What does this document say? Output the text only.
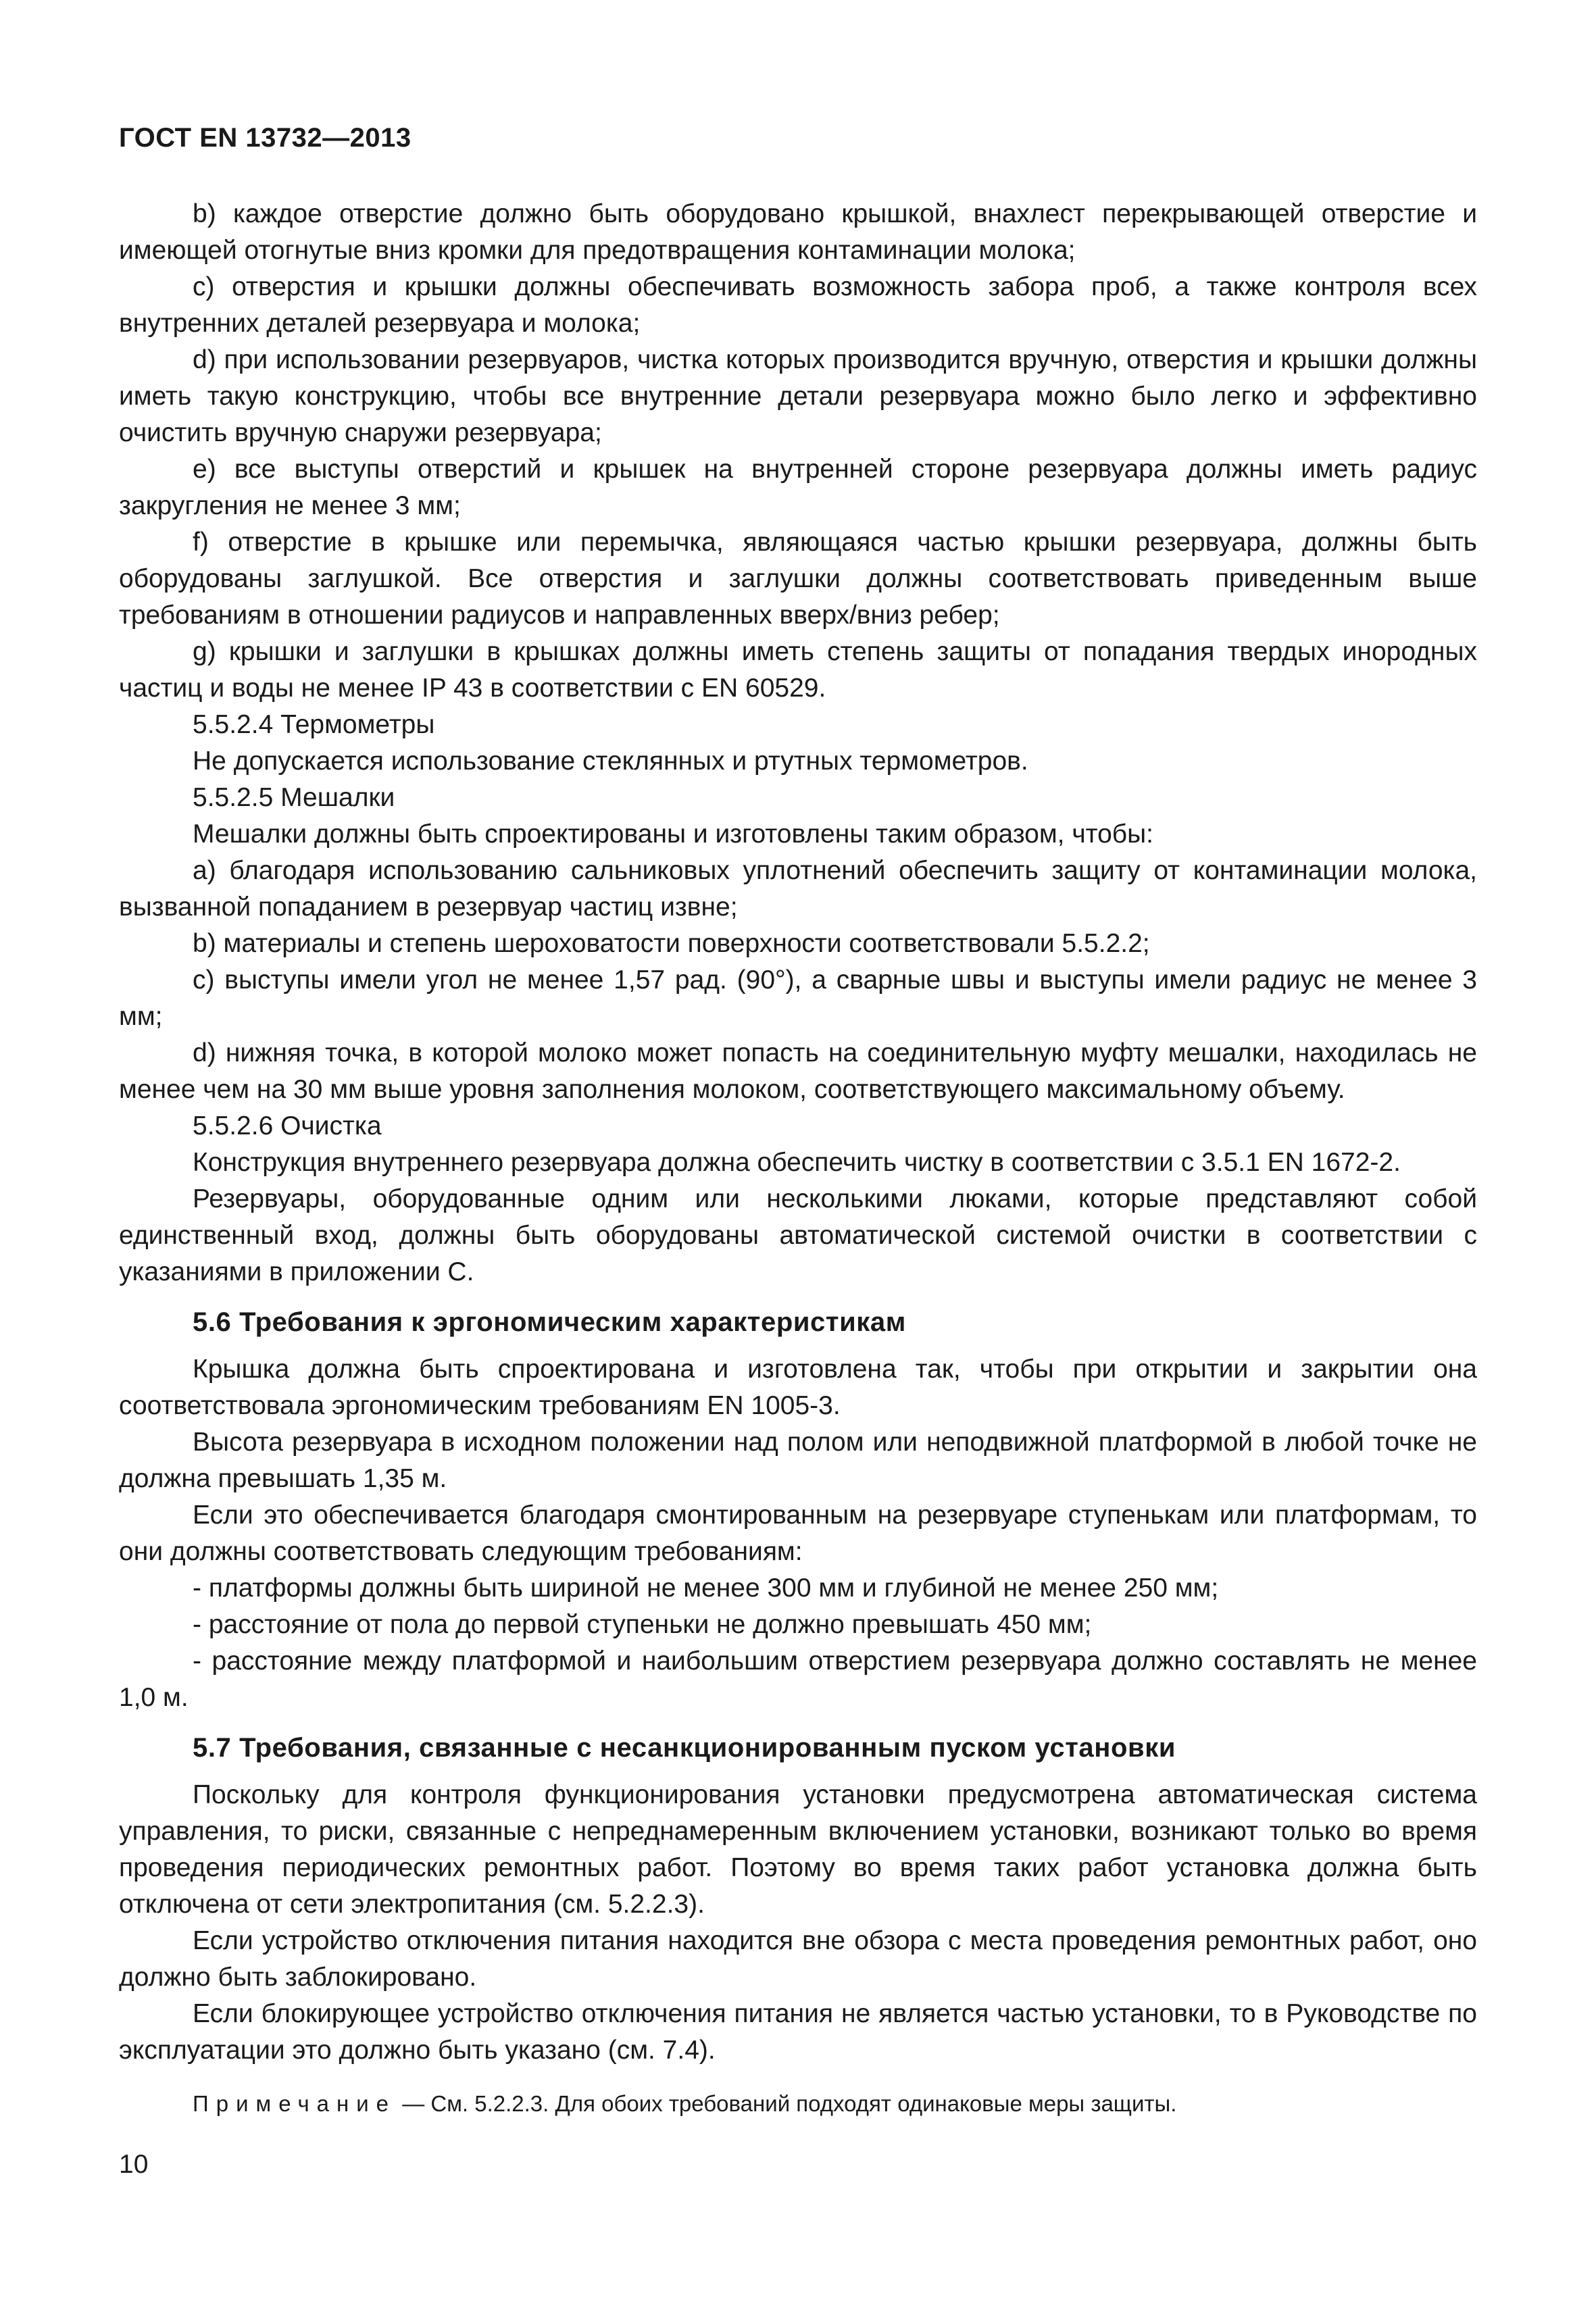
ГОСТ EN 13732—2013

b) каждое отверстие должно быть оборудовано крышкой, внахлест перекрывающей отверстие и имеющей отогнутые вниз кромки для предотвращения контаминации молока;

c) отверстия и крышки должны обеспечивать возможность забора проб, а также контроля всех внутренних деталей резервуара и молока;

d) при использовании резервуаров, чистка которых производится вручную, отверстия и крышки должны иметь такую конструкцию, чтобы все внутренние детали резервуара можно было легко и эффективно очистить вручную снаружи резервуара;

e) все выступы отверстий и крышек на внутренней стороне резервуара должны иметь радиус закругления не менее 3 мм;

f) отверстие в крышке или перемычка, являющаяся частью крышки резервуара, должны быть оборудованы заглушкой. Все отверстия и заглушки должны соответствовать приведенным выше требованиям в отношении радиусов и направленных вверх/вниз ребер;

g) крышки и заглушки в крышках должны иметь степень защиты от попадания твердых инородных частиц и воды не менее IP 43 в соответствии с EN 60529.

5.5.2.4 Термометры

Не допускается использование стеклянных и ртутных термометров.

5.5.2.5 Мешалки

Мешалки должны быть спроектированы и изготовлены таким образом, чтобы:

а) благодаря использованию сальниковых уплотнений обеспечить защиту от контаминации молока, вызванной попаданием в резервуар частиц извне;

b) материалы и степень шероховатости поверхности соответствовали 5.5.2.2;

c) выступы имели угол не менее 1,57 рад. (90°), а сварные швы и выступы имели радиус не менее 3 мм;

d) нижняя точка, в которой молоко может попасть на соединительную муфту мешалки, находилась не менее чем на 30 мм выше уровня заполнения молоком, соответствующего максимальному объему.

5.5.2.6 Очистка

Конструкция внутреннего резервуара должна обеспечить чистку в соответствии с 3.5.1 EN 1672-2.

Резервуары, оборудованные одним или несколькими люками, которые представляют собой единственный вход, должны быть оборудованы автоматической системой очистки в соответствии с указаниями в приложении С.

5.6 Требования к эргономическим характеристикам

Крышка должна быть спроектирована и изготовлена так, чтобы при открытии и закрытии она соответствовала эргономическим требованиям EN 1005-3.

Высота резервуара в исходном положении над полом или неподвижной платформой в любой точке не должна превышать 1,35 м.

Если это обеспечивается благодаря смонтированным на резервуаре ступенькам или платформам, то они должны соответствовать следующим требованиям:

- платформы должны быть шириной не менее 300 мм и глубиной не менее 250 мм;

- расстояние от пола до первой ступеньки не должно превышать 450 мм;

- расстояние между платформой и наибольшим отверстием резервуара должно составлять не менее 1,0 м.

5.7 Требования, связанные с несанкционированным пуском установки

Поскольку для контроля функционирования установки предусмотрена автоматическая система управления, то риски, связанные с непреднамеренным включением установки, возникают только во время проведения периодических ремонтных работ. Поэтому во время таких работ установка должна быть отключена от сети электропитания (см. 5.2.2.3).

Если устройство отключения питания находится вне обзора с места проведения ремонтных работ, оно должно быть заблокировано.

Если блокирующее устройство отключения питания не является частью установки, то в Руководстве по эксплуатации это должно быть указано (см. 7.4).

Примечание — См. 5.2.2.3. Для обоих требований подходят одинаковые меры защиты.

10
